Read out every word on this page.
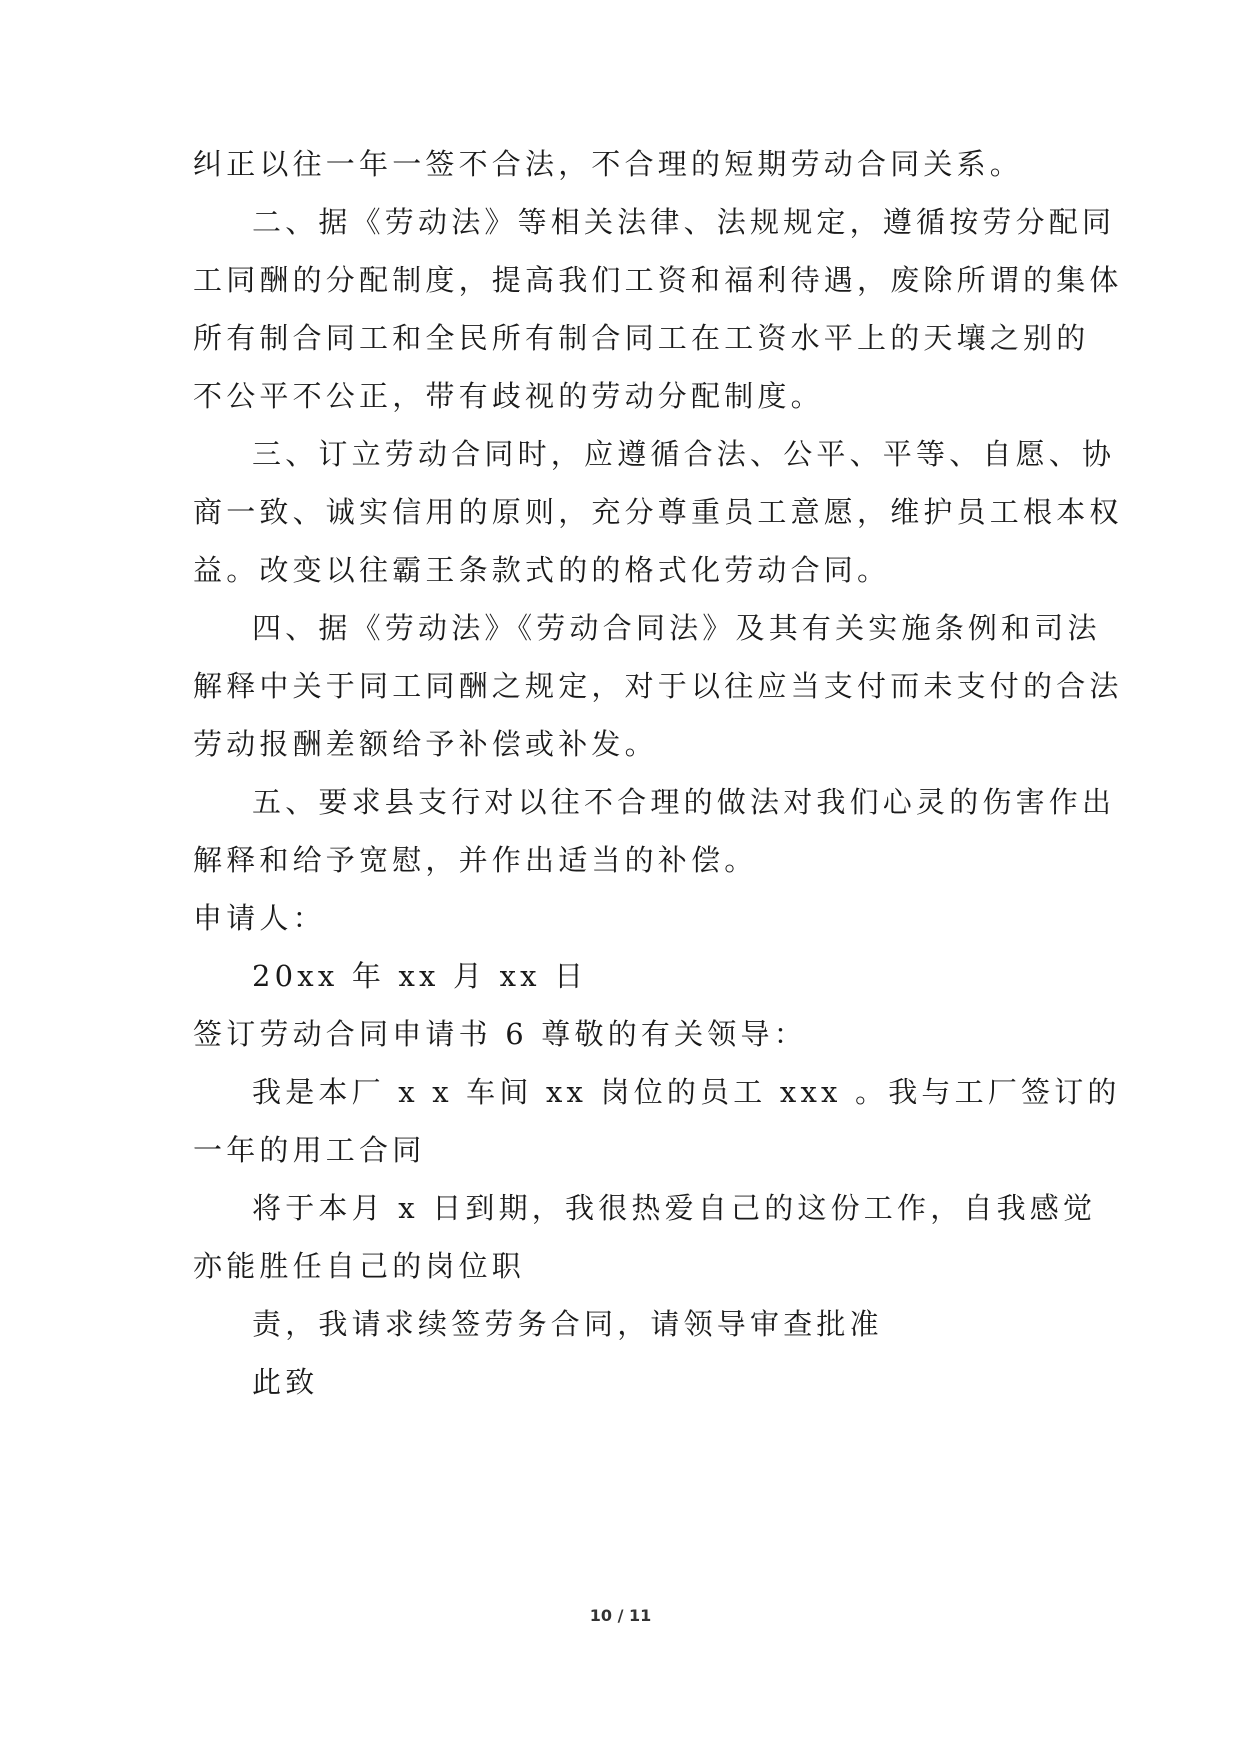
纠正以往一年一签不合法，不合理的短期劳动合同关系。

二、据《劳动法》等相关法律、法规规定，遵循按劳分配同

工同酬的分配制度，提高我们工资和福利待遇，废除所谓的集体

所有制合同工和全民所有制合同工在工资水平上的天壤之别的

不公平不公正，带有歧视的劳动分配制度。

三、订立劳动合同时，应遵循合法、公平、平等、自愿、协

商一致、诚实信用的原则，充分尊重员工意愿，维护员工根本权

益。改变以往霸王条款式的的格式化劳动合同。

四、据《劳动法》《劳动合同法》及其有关实施条例和司法

解释中关于同工同酬之规定，对于以往应当支付而未支付的合法

劳动报酬差额给予补偿或补发。

五、要求县支行对以往不合理的做法对我们心灵的伤害作出

解释和给予宽慰，并作出适当的补偿。

申请人：

20xx 年 xx 月 xx 日

签订劳动合同申请书 6 尊敬的有关领导：

我是本厂 x x 车间 xx 岗位的员工 xxx 。我与工厂签订的

一年的用工合同

将于本月 x 日到期，我很热爱自己的这份工作，自我感觉

亦能胜任自己的岗位职

责，我请求续签劳务合同，请领导审查批准

此致

10 / 11
